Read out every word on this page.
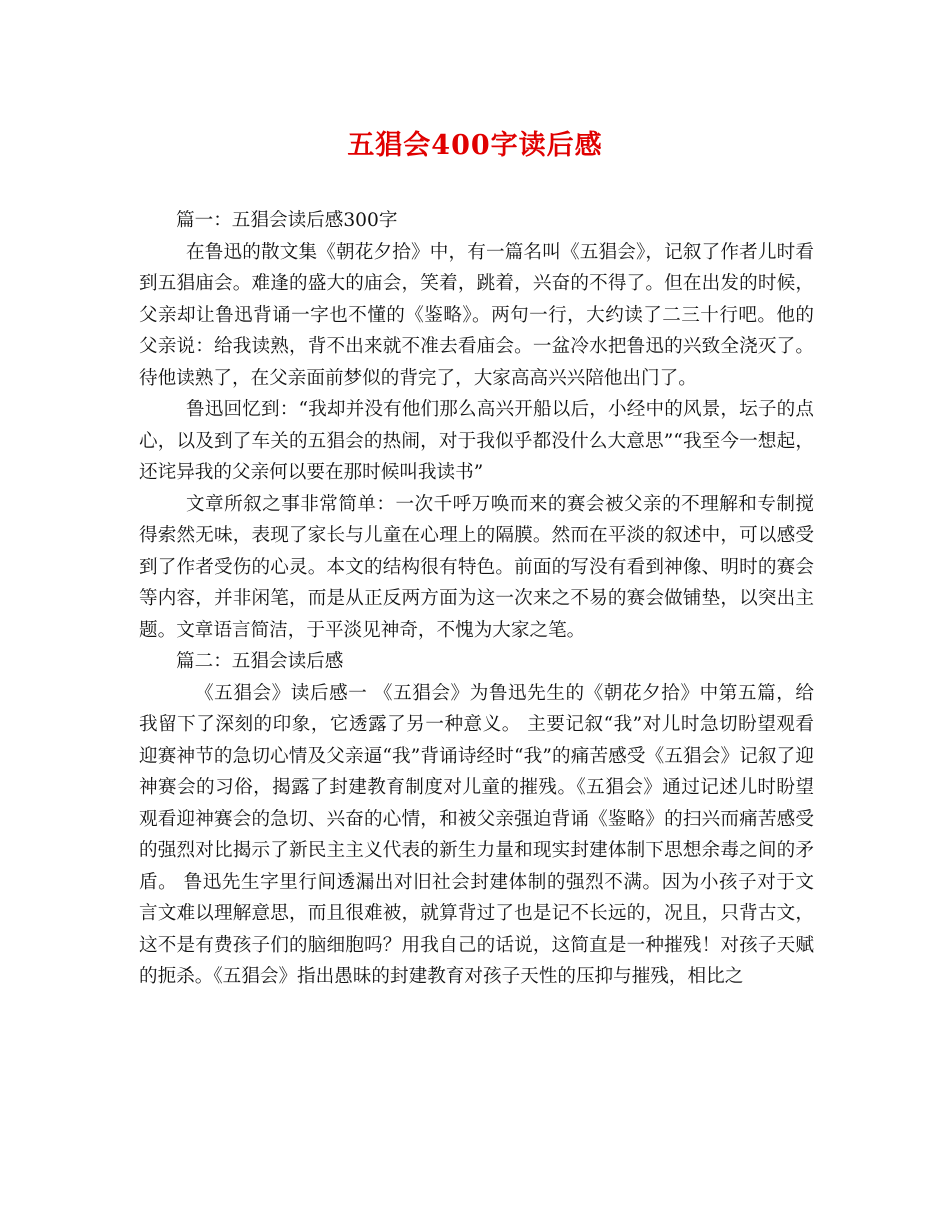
五猖会400字读后感

篇一：五猖会读后感300字

在鲁迅的散文集《朝花夕拾》中，有一篇名叫《五猖会》，记叙了作者儿时看到五猖庙会。难逢的盛大的庙会，笑着，跳着，兴奋的不得了。但在出发的时候，父亲却让鲁迅背诵一字也不懂的《鉴略》。两句一行，大约读了二三十行吧。他的父亲说：给我读熟，背不出来就不准去看庙会。一盆冷水把鲁迅的兴致全浇灭了。待他读熟了，在父亲面前梦似的背完了，大家高高兴兴陪他出门了。

鲁迅回忆到：“我却并没有他们那么高兴开船以后，小经中的风景，坛子的点心，以及到了车关的五猖会的热闹，对于我似乎都没什么大意思”“我至今一想起，还诧异我的父亲何以要在那时候叫我读书”

文章所叙之事非常简单：一次千呼万唤而来的赛会被父亲的不理解和专制搅得索然无味，表现了家长与儿童在心理上的隔膜。然而在平淡的叙述中，可以感受到了作者受伤的心灵。本文的结构很有特色。前面的写没有看到神像、明时的赛会等内容，并非闲笔，而是从正反两方面为这一次来之不易的赛会做铺垫，以突出主题。文章语言简洁，于平淡见神奇，不愧为大家之笔。

篇二：五猖会读后感

《五猖会》读后感一 《五猖会》为鲁迅先生的《朝花夕拾》中第五篇，给我留下了深刻的印象，它透露了另一种意义。 主要记叙“我”对儿时急切盼望观看迎赛神节的急切心情及父亲逼“我”背诵诗经时“我”的痛苦感受《五猖会》记叙了迎神赛会的习俗，揭露了封建教育制度对儿童的摧残。《五猖会》通过记述儿时盼望观看迎神赛会的急切、兴奋的心情，和被父亲强迫背诵《鉴略》的扫兴而痛苦感受的强烈对比揭示了新民主主义代表的新生力量和现实封建体制下思想余毒之间的矛盾。 鲁迅先生字里行间透漏出对旧社会封建体制的强烈不满。因为小孩子对于文言文难以理解意思，而且很难被，就算背过了也是记不长远的，况且，只背古文，这不是有费孩子们的脑细胞吗？用我自己的话说，这简直是一种摧残！对孩子天赋的扼杀。《五猖会》指出愚昧的封建教育对孩子天性的压抑与摧残，相比之
